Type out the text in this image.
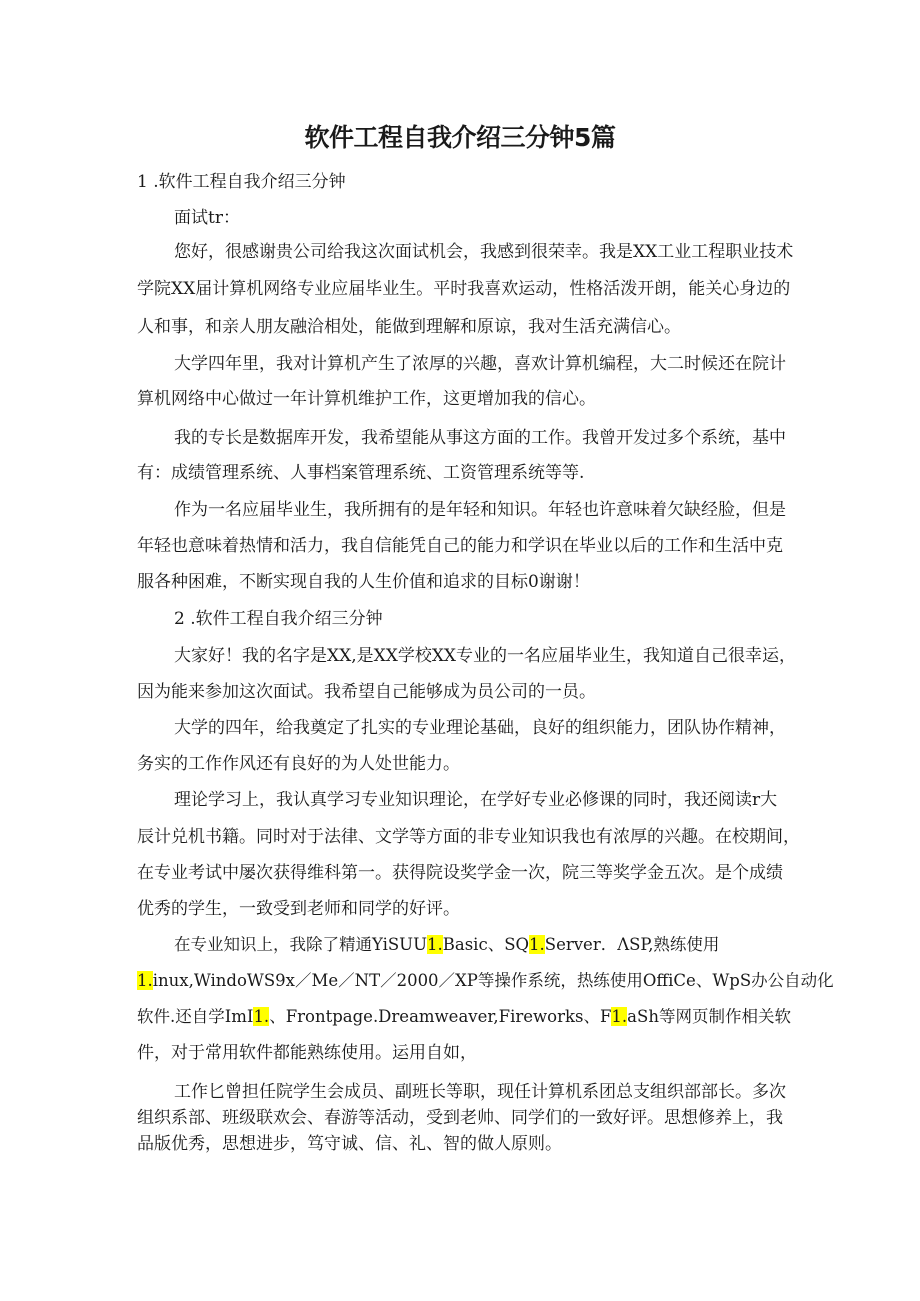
软件工程自我介绍三分钟5篇
1 .软件工程自我介绍三分钟
面试tr：
您好，很感谢贵公司给我这次面试机会，我感到很荣幸。我是XX工业工程职业技术
学院XX届计算机网络专业应届毕业生。平时我喜欢运动，性格活泼开朗，能关心身边的
人和事，和亲人朋友融洽相处，能做到理解和原谅，我对生活充满信心。
大学四年里，我对计算机产生了浓厚的兴趣，喜欢计算机编程，大二时候还在院计
算机网络中心做过一年计算机维护工作，这更增加我的信心。
我的专长是数据库开发，我希望能从事这方面的工作。我曾开发过多个系统，基中
有：成绩管理系统、人事档案管理系统、工资管理系统等等.
作为一名应届毕业生，我所拥有的是年轻和知识。年轻也许意味着欠缺经脸，但是
年轻也意味着热情和活力，我自信能凭自己的能力和学识在毕业以后的工作和生活中克
服各种困难，不断实现自我的人生价值和追求的目标0谢谢！
2 .软件工程自我介绍三分钟
大家好！我的名字是XX,是XX学校XX专业的一名应届毕业生，我知道自己很幸运，
因为能来参加这次面试。我希望自己能够成为员公司的一员。
大学的四年，给我奠定了扎实的专业理论基础，良好的组织能力，团队协作精神，
务实的工作作风还有良好的为人处世能力。
理论学习上，我认真学习专业知识理论，在学好专业必修课的同时，我还阅读r大
辰计兑机书籍。同时对于法律、文学等方面的非专业知识我也有浓厚的兴趣。在校期间，
在专业考试中屡次获得维科第一。获得院设奖学金一次，院三等奖学金五次。是个成绩
优秀的学生，一致受到老师和同学的好评。
在专业知识上，我除了精通YiSUU1.Basic、SQ1.Server．ΛSP,熟练使用
1.inux,WindoWS9x／Me／NT／2000／XP等操作系统，热练使用OffiCe、WpS办公自动化
软件.还自学ImI1.、Frontpage.Dreamweaver,Fireworks、F1.aSh等网页制作相关软
件，对于常用软件都能熟练使用。运用自如，
工作匕曾担任院学生会成员、副班长等职，现任计算机系团总支组织部部长。多次
组织系部、班级联欢会、春游等活动，受到老帅、同学们的一致好评。思想修养上，我
品版优秀，思想进步，笃守诚、信、礼、智的做人原则。
